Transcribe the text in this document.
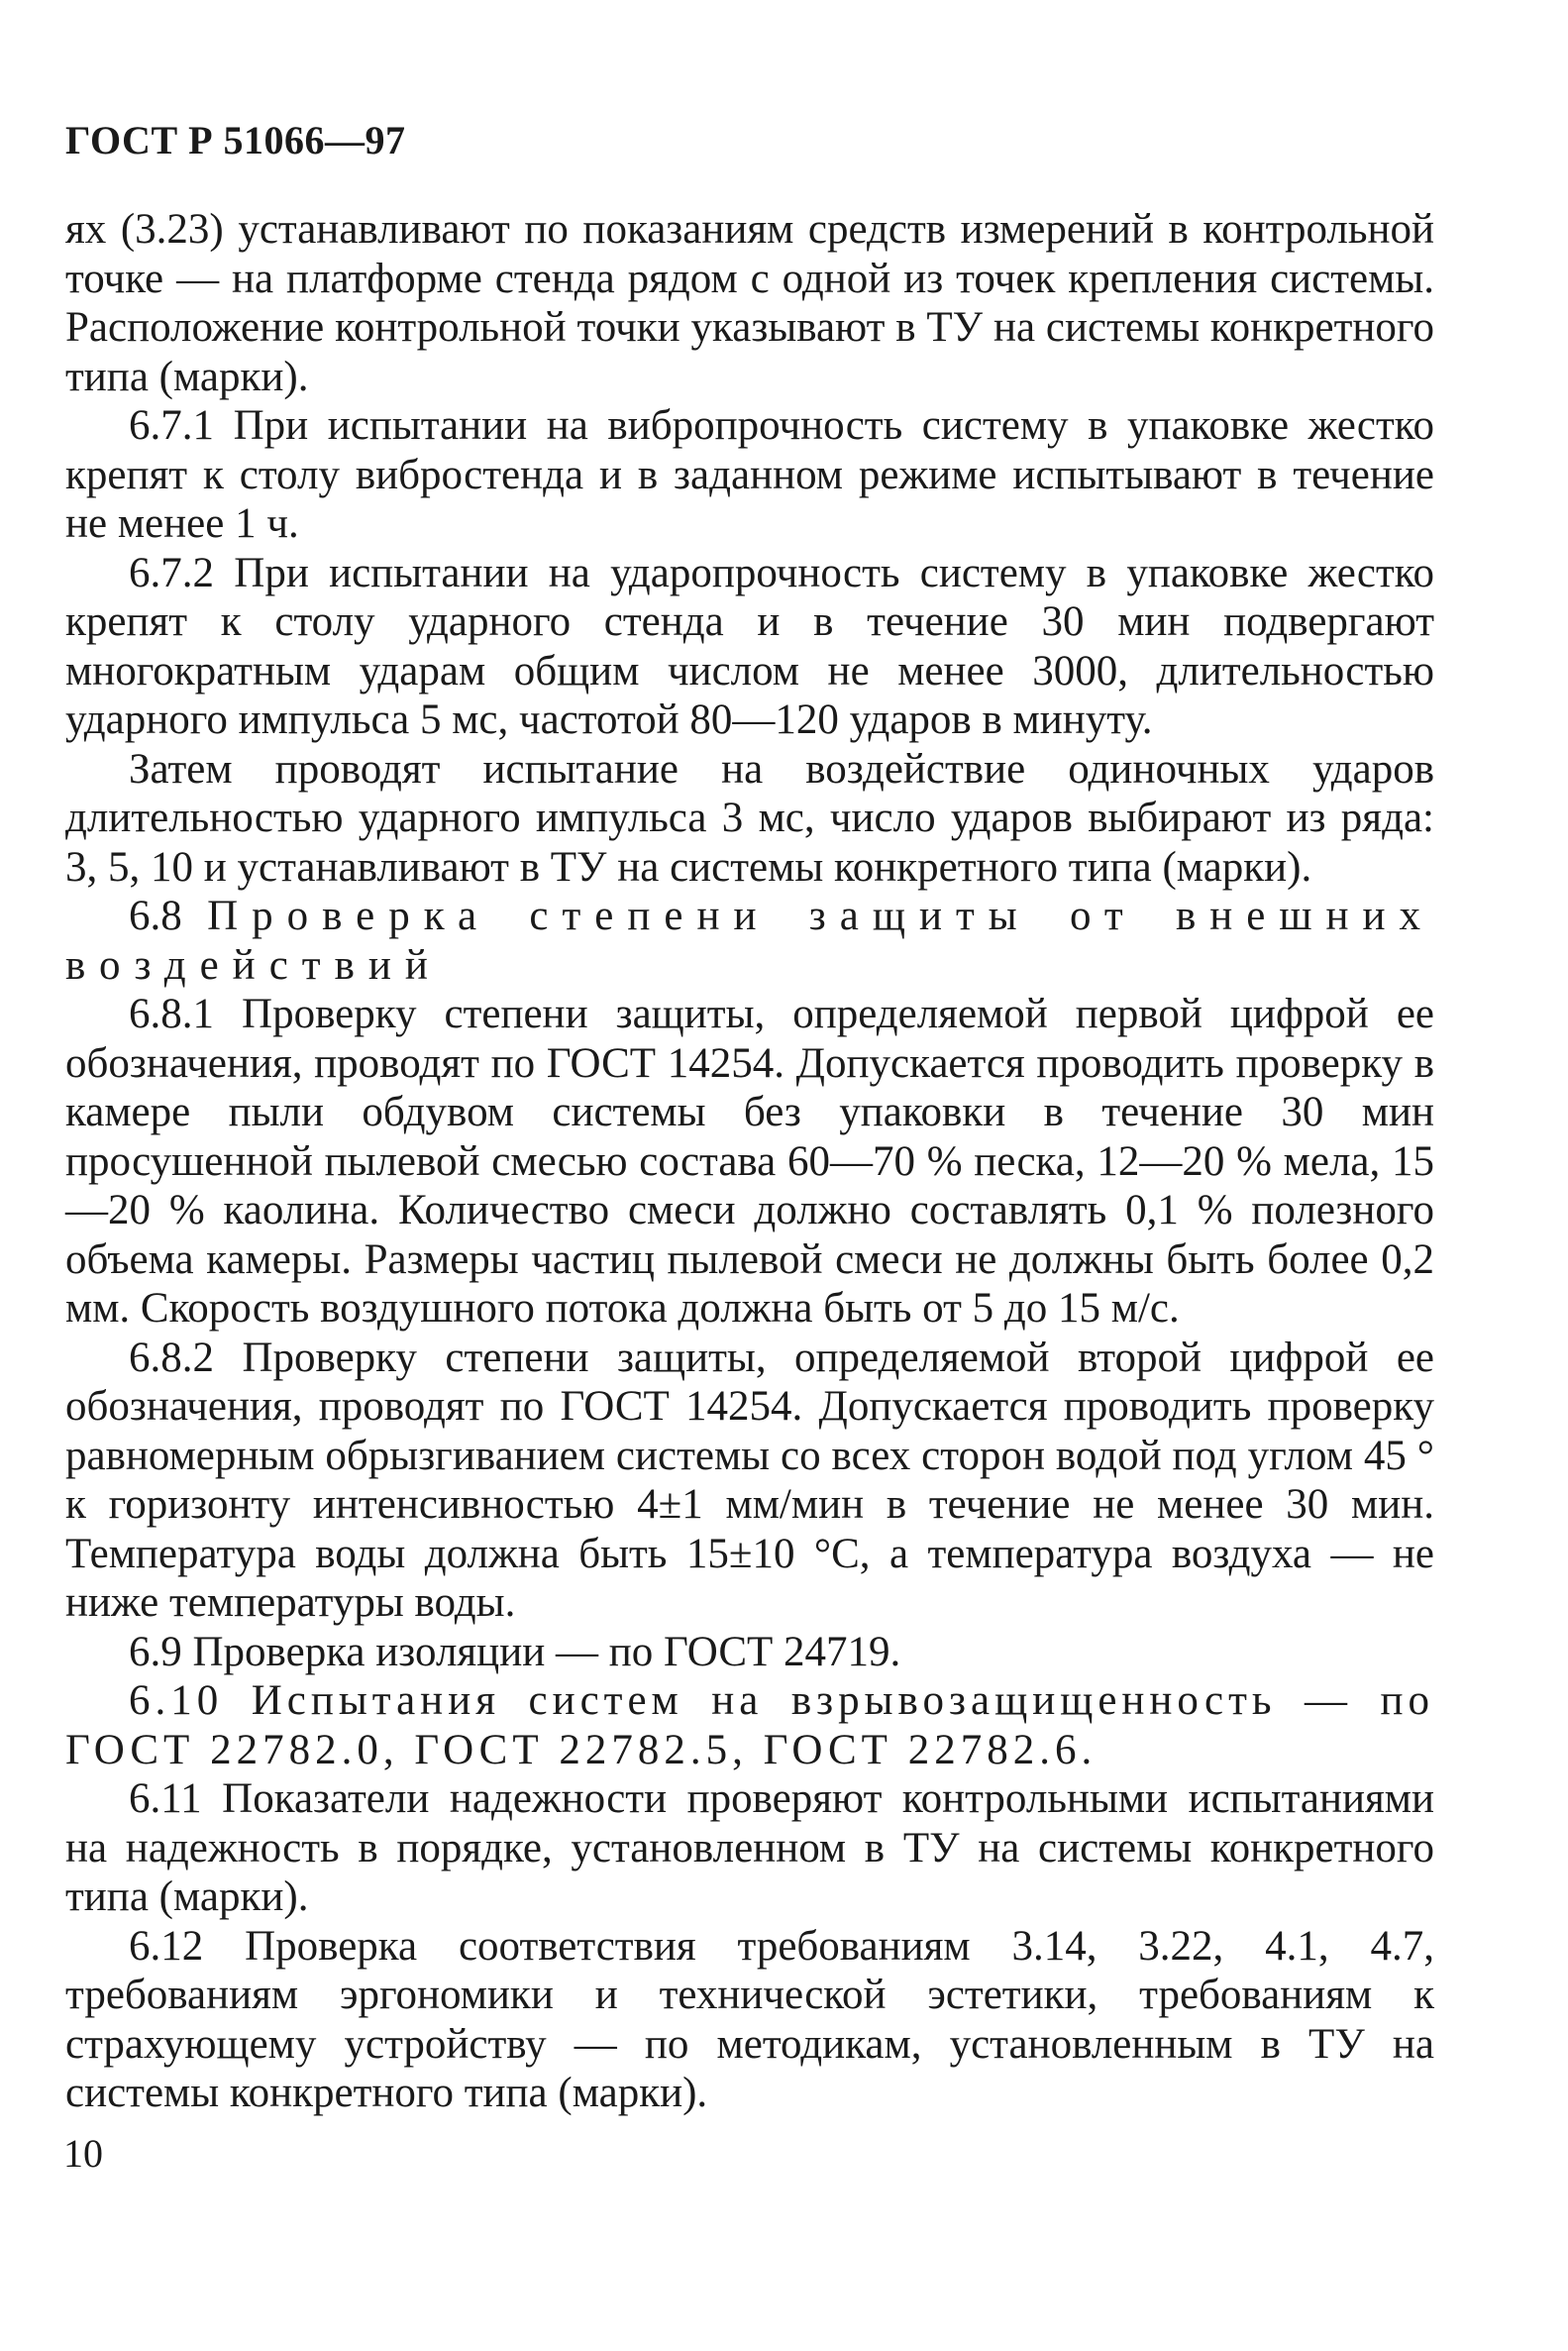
ГОСТ Р 51066—97

ях (3.23) устанавливают по показаниям средств измерений в контрольной точке — на платформе стенда рядом с одной из точек крепления системы. Расположение контрольной точки указывают в ТУ на системы конкретного типа (марки).

6.7.1 При испытании на вибропрочность систему в упаковке жестко крепят к столу вибростенда и в заданном режиме испытывают в течение не менее 1 ч.

6.7.2 При испытании на ударопрочность систему в упаковке жестко крепят к столу ударного стенда и в течение 30 мин подвергают многократным ударам общим числом не менее 3000, длительностью ударного импульса 5 мс, частотой 80—120 ударов в минуту.

Затем проводят испытание на воздействие одиночных ударов длительностью ударного импульса 3 мс, число ударов выбирают из ряда: 3, 5, 10 и устанавливают в ТУ на системы конкретного типа (марки).

6.8 Проверка степени защиты от внешних воздействий

6.8.1 Проверку степени защиты, определяемой первой цифрой ее обозначения, проводят по ГОСТ 14254. Допускается проводить проверку в камере пыли обдувом системы без упаковки в течение 30 мин просушенной пылевой смесью состава 60—70 % песка, 12—20 % мела, 15—20 % каолина. Количество смеси должно составлять 0,1 % полезного объема камеры. Размеры частиц пылевой смеси не должны быть более 0,2 мм. Скорость воздушного потока должна быть от 5 до 15 м/с.

6.8.2 Проверку степени защиты, определяемой второй цифрой ее обозначения, проводят по ГОСТ 14254. Допускается проводить проверку равномерным обрызгиванием системы со всех сторон водой под углом 45 ° к горизонту интенсивностью 4±1 мм/мин в течение не менее 30 мин. Температура воды должна быть 15±10 °С, а температура воздуха — не ниже температуры воды.

6.9 Проверка изоляции — по ГОСТ 24719.

6.10 Испытания систем на взрывозащищенность — по ГОСТ 22782.0, ГОСТ 22782.5, ГОСТ 22782.6.

6.11 Показатели надежности проверяют контрольными испытаниями на надежность в порядке, установленном в ТУ на системы конкретного типа (марки).

6.12 Проверка соответствия требованиям 3.14, 3.22, 4.1, 4.7, требованиям эргономики и технической эстетики, требованиям к страхующему устройству — по методикам, установленным в ТУ на системы конкретного типа (марки).

10
